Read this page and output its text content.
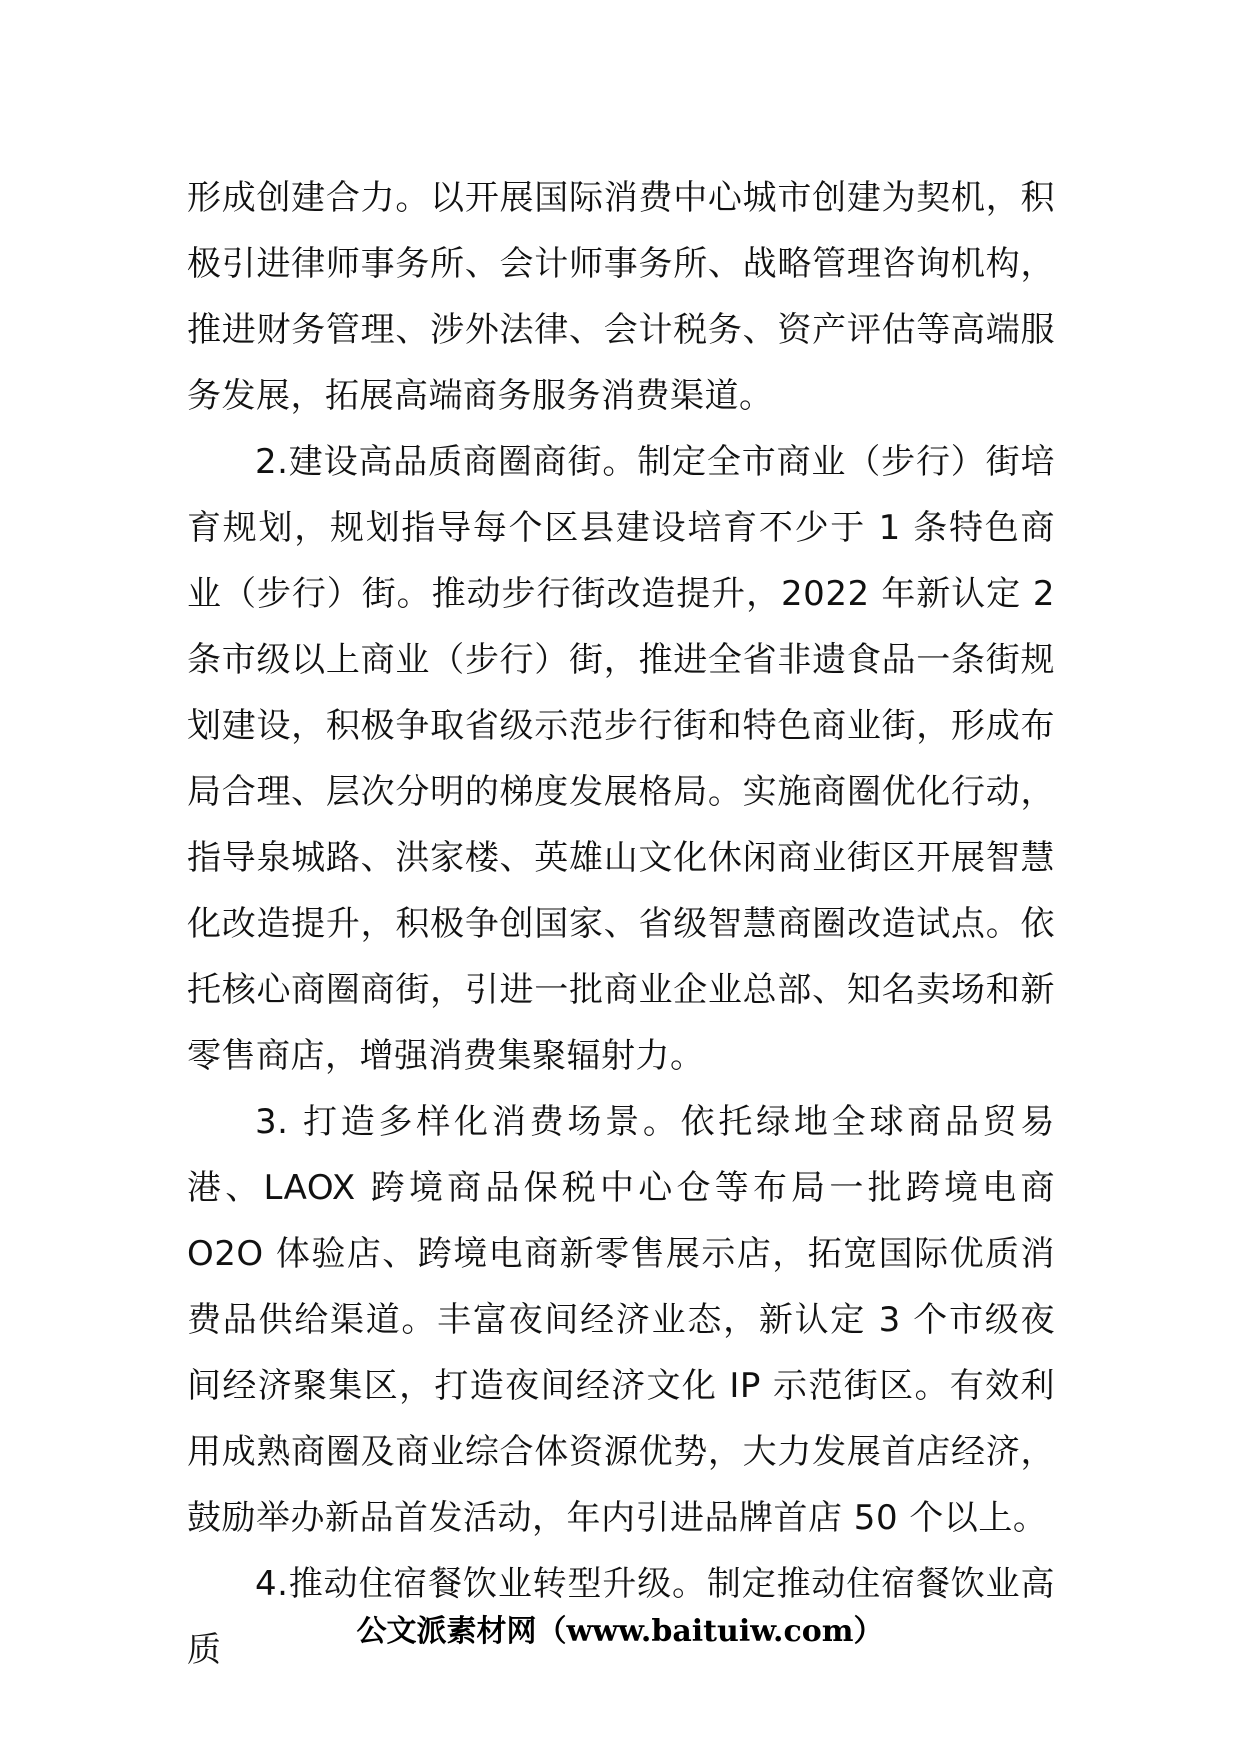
形成创建合力。以开展国际消费中心城市创建为契机，积极引进律师事务所、会计师事务所、战略管理咨询机构，推进财务管理、涉外法律、会计税务、资产评估等高端服务发展，拓展高端商务服务消费渠道。

2.建设高品质商圈商街。制定全市商业（步行）街培育规划，规划指导每个区县建设培育不少于 1 条特色商业（步行）街。推动步行街改造提升，2022 年新认定 2 条市级以上商业（步行）街，推进全省非遗食品一条街规划建设，积极争取省级示范步行街和特色商业街，形成布局合理、层次分明的梯度发展格局。实施商圈优化行动，指导泉城路、洪家楼、英雄山文化休闲商业街区开展智慧化改造提升，积极争创国家、省级智慧商圈改造试点。依托核心商圈商街，引进一批商业企业总部、知名卖场和新零售商店，增强消费集聚辐射力。

3. 打造多样化消费场景。依托绿地全球商品贸易港、LAOX 跨境商品保税中心仓等布局一批跨境电商 O2O 体验店、跨境电商新零售展示店，拓宽国际优质消费品供给渠道。丰富夜间经济业态，新认定 3 个市级夜间经济聚集区，打造夜间经济文化 IP 示范街区。有效利用成熟商圈及商业综合体资源优势，大力发展首店经济，鼓励举办新品首发活动，年内引进品牌首店 50 个以上。

4.推动住宿餐饮业转型升级。制定推动住宿餐饮业高质	公文派素材网（www.baituiw.com）
